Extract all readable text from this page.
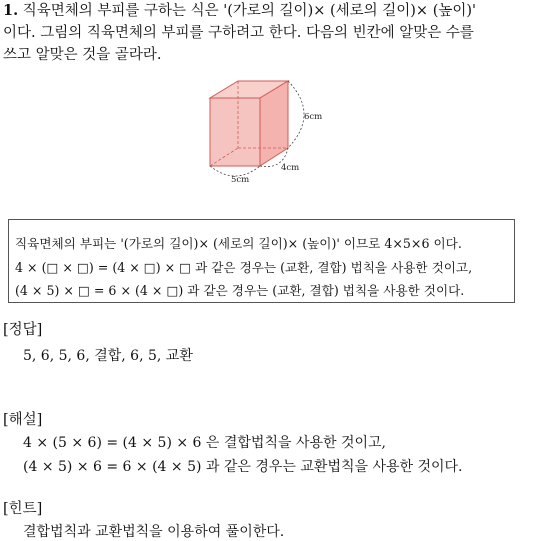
1. 직육면체의 부피를 구하는 식은 '(가로의 길이)× (세로의 길이)× (높이)'
이다. 그림의 직육면체의 부피를 구하려고 한다. 다음의 빈칸에 알맞은 수를
쓰고 알맞은 것을 골라라.
6cm
4cm
5cm
직육면체의 부피는 '(가로의 길이)× (세로의 길이)× (높이)' 이므로 4×5×6 이다.
4 × (□ × □) = (4 × □) × □ 과 같은 경우는 (교환, 결합) 법칙을 사용한 것이고,
(4 × 5) × □ = 6 × (4 × □) 과 같은 경우는 (교환, 결합) 법칙을 사용한 것이다.
[정답]
5, 6, 5, 6, 결합, 6, 5, 교환
[해설]
4 × (5 × 6) = (4 × 5) × 6 은 결합법칙을 사용한 것이고,
(4 × 5) × 6 = 6 × (4 × 5) 과 같은 경우는 교환법칙을 사용한 것이다.
[힌트]
결합법칙과 교환법칙을 이용하여 풀이한다.
